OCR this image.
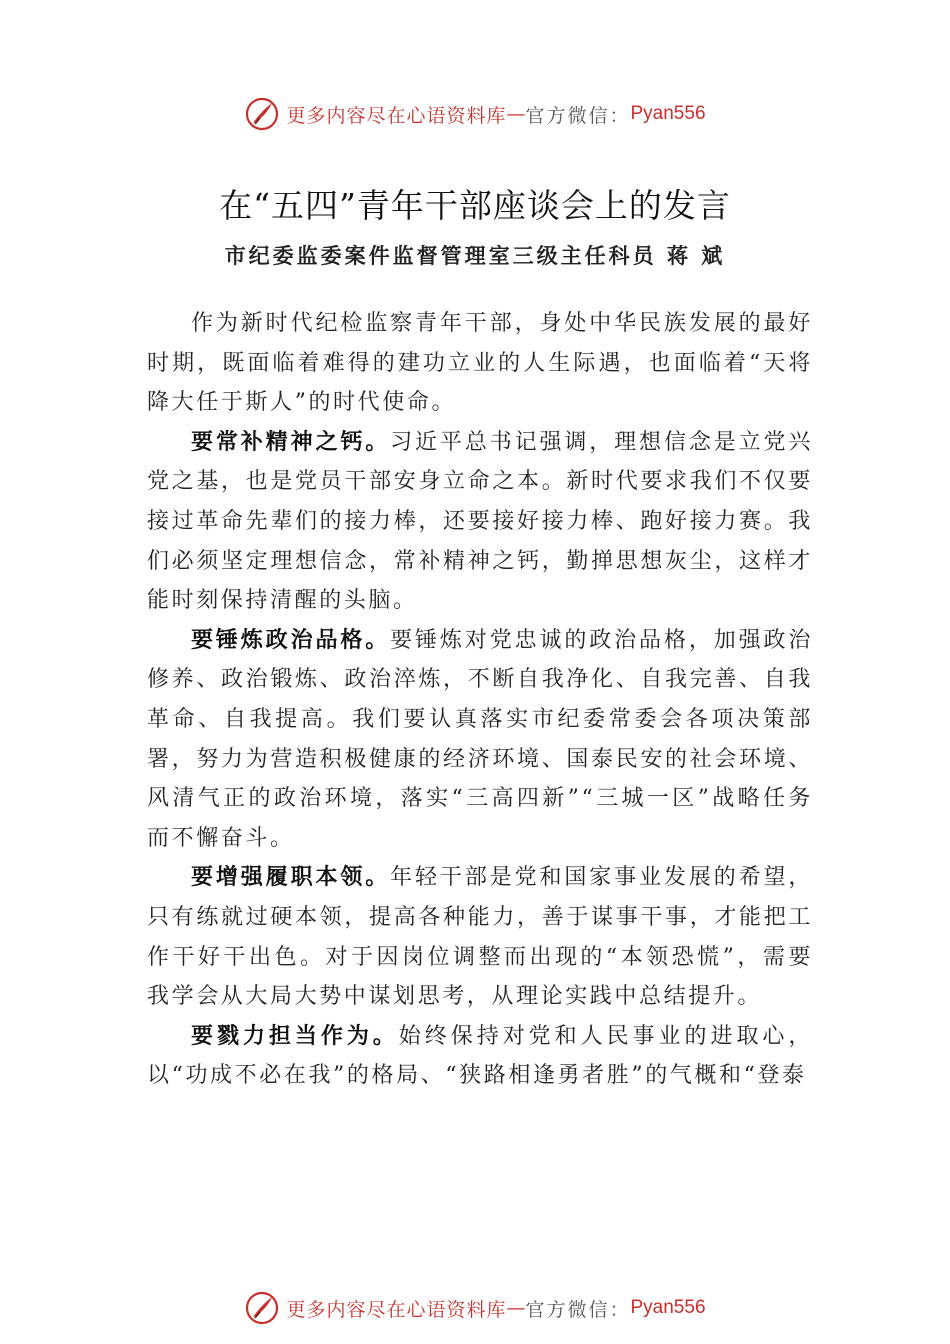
更多内容尽在心语资料库 — 官方微信： Pyan556
在“五四”青年干部座谈会上的发言
市纪委监委案件监督管理室三级主任科员 蒋 斌

作为新时代纪检监察青年干部，身处中华民族发展的最好时期，既面临着难得的建功立业的人生际遇，也面临着“天将降大任于斯人”的时代使命。

要常补精神之钙。习近平总书记强调，理想信念是立党兴党之基，也是党员干部安身立命之本。新时代要求我们不仅要接过革命先辈们的接力棒，还要接好接力棒、跑好接力赛。我们必须坚定理想信念，常补精神之钙，勤掸思想灰尘，这样才能时刻保持清醒的头脑。

要锤炼政治品格。要锤炼对党忠诚的政治品格，加强政治修养、政治锻炼、政治淬炼，不断自我净化、自我完善、自我革命、自我提高。我们要认真落实市纪委常委会各项决策部署，努力为营造积极健康的经济环境、国泰民安的社会环境、风清气正的政治环境，落实“三高四新”“三城一区”战略任务而不懈奋斗。

要增强履职本领。年轻干部是党和国家事业发展的希望，只有练就过硬本领，提高各种能力，善于谋事干事，才能把工作干好干出色。对于因岗位调整而出现的“本领恐慌”，需要我学会从大局大势中谋划思考，从理论实践中总结提升。

要戮力担当作为。始终保持对党和人民事业的进取心，以“功成不必在我”的格局、“狭路相逢勇者胜”的气概和“登泰

更多内容尽在心语资料库 — 官方微信： Pyan556
